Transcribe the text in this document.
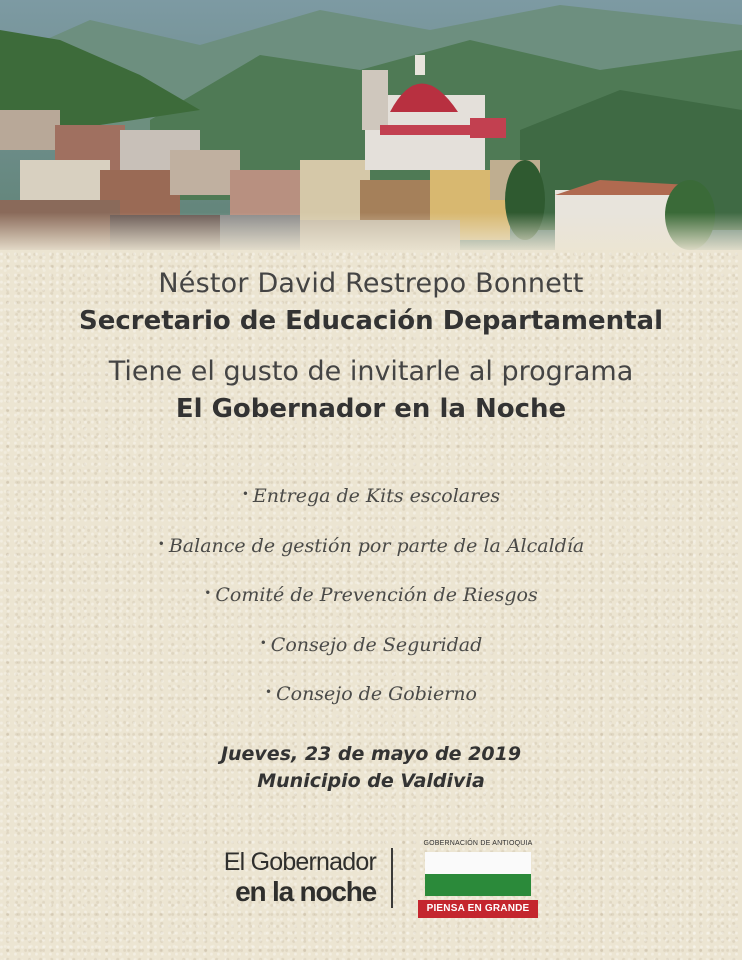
Néstor David Restrepo Bonnett
Secretario de Educación Departamental
Tiene el gusto de invitarle al programa
El Gobernador en la Noche
• Entrega de Kits escolares
• Balance de gestión por parte de la Alcaldía
• Comité de Prevención de Riesgos
• Consejo de Seguridad
• Consejo de Gobierno
Jueves, 23 de mayo de 2019
Municipio de Valdivia
El Gobernador
en la noche
GOBERNACIÓN DE ANTIOQUIA
PIENSA EN GRANDE
